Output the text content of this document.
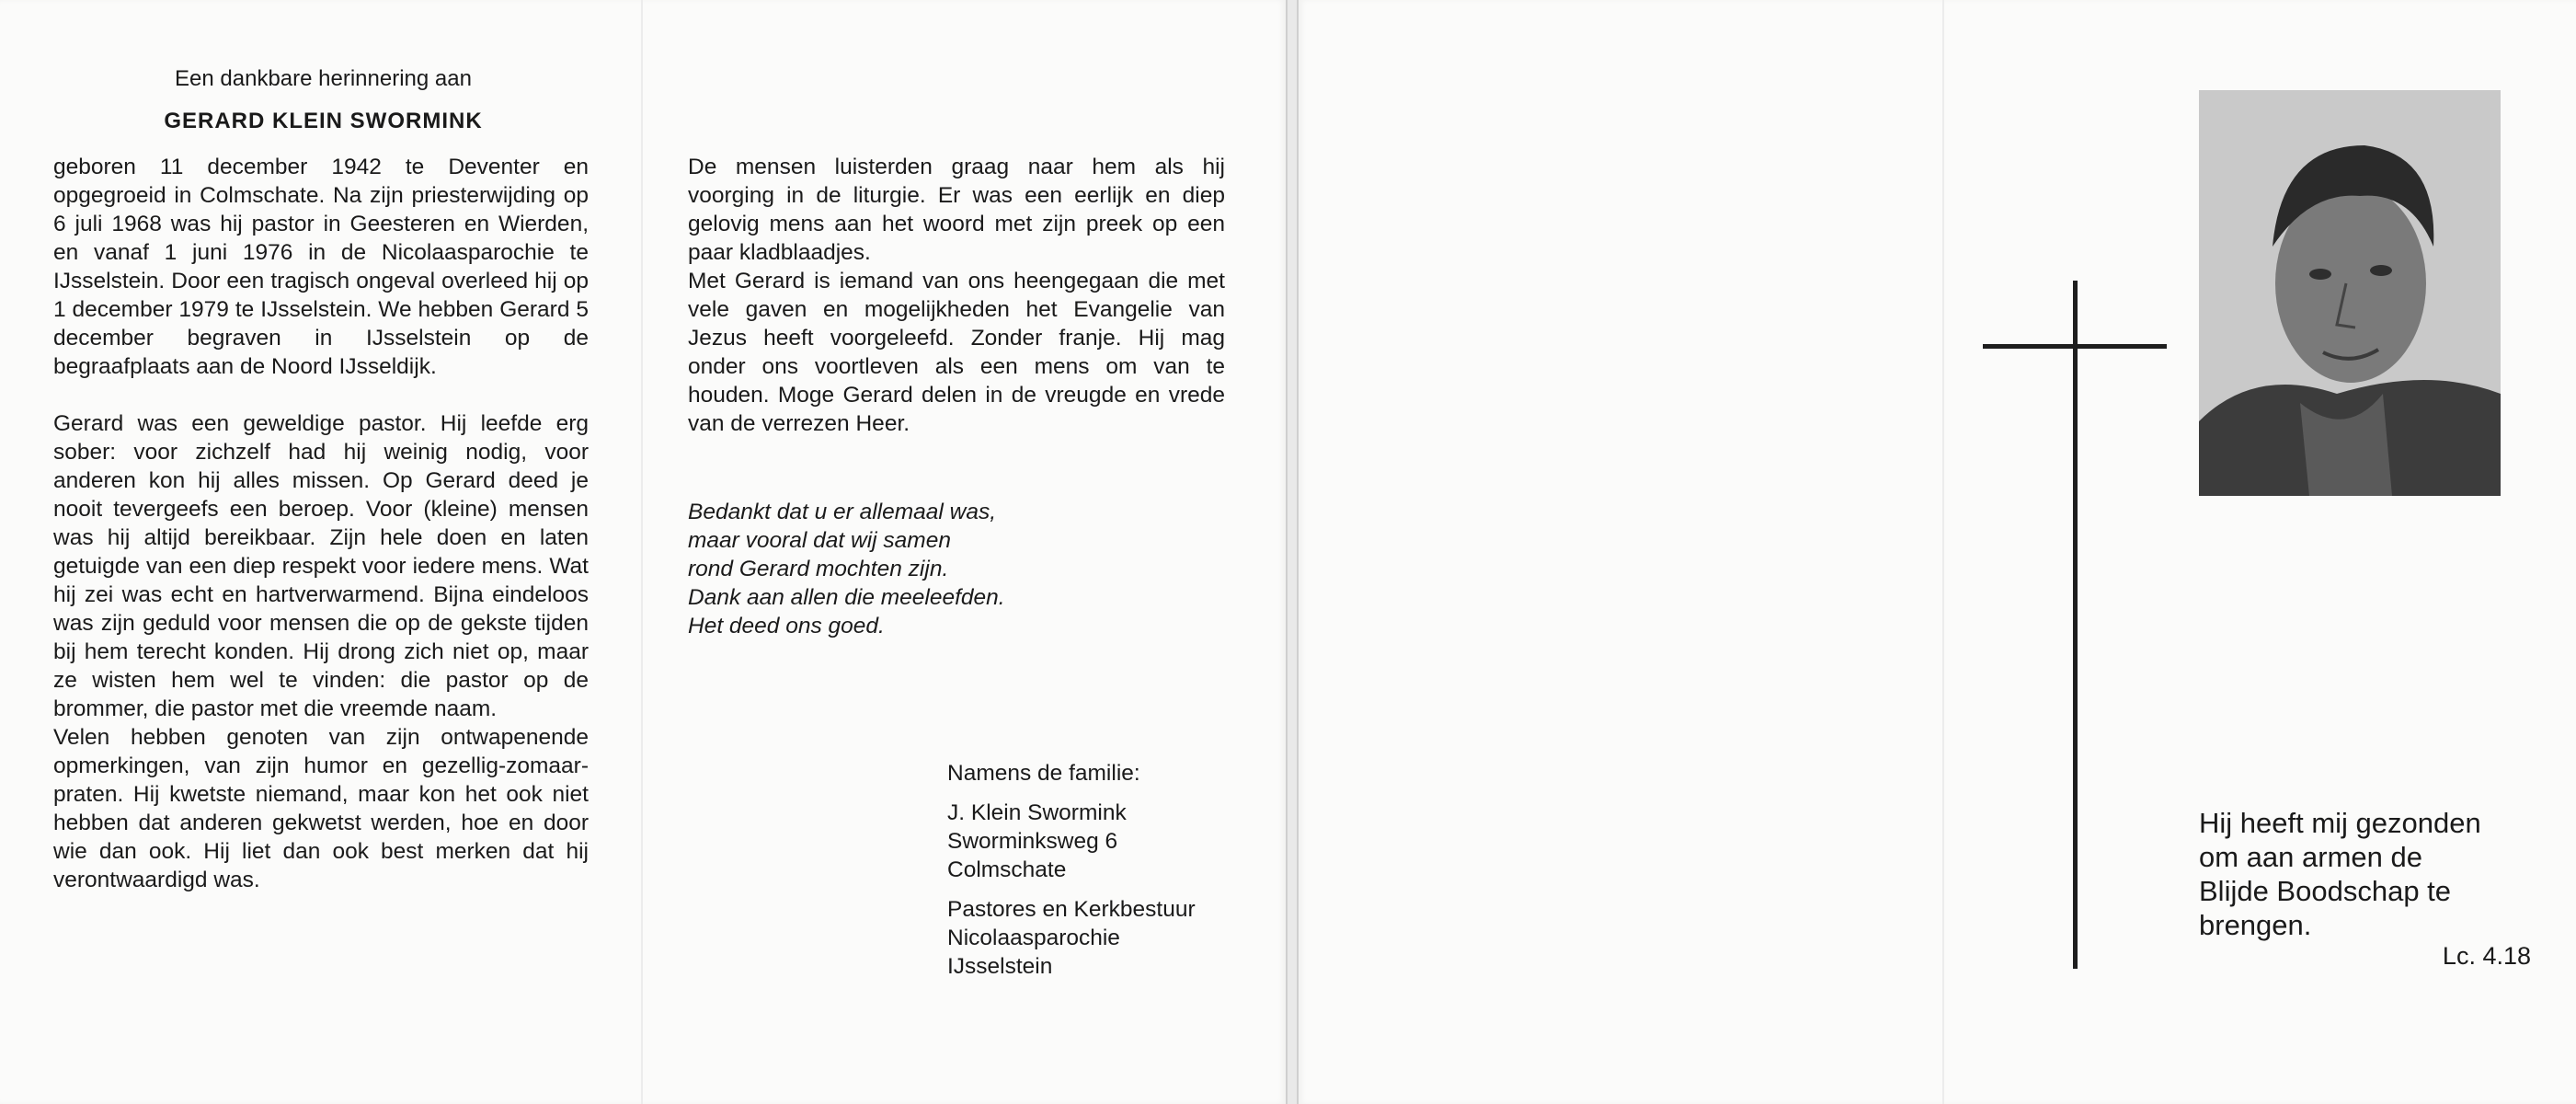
Een dankbare herinnering aan
GERARD KLEIN SWORMINK

geboren 11 december 1942 te Deventer en opgegroeid in Colmschate. Na zijn priesterwijding op 6 juli 1968 was hij pastor in Geesteren en Wierden, en vanaf 1 juni 1976 in de Nicolaasparochie te IJsselstein. Door een tragisch ongeval overleed hij op 1 december 1979 te IJsselstein. We hebben Gerard 5 december begraven in IJsselstein op de begraafplaats aan de Noord IJsseldijk.

Gerard was een geweldige pastor. Hij leefde erg sober: voor zichzelf had hij weinig nodig, voor anderen kon hij alles missen. Op Gerard deed je nooit tevergeefs een beroep. Voor (kleine) mensen was hij altijd bereikbaar. Zijn hele doen en laten getuigde van een diep respekt voor iedere mens. Wat hij zei was echt en hartverwarmend. Bijna eindeloos was zijn geduld voor mensen die op de gekste tijden bij hem terecht konden. Hij drong zich niet op, maar ze wisten hem wel te vinden: die pastor op de brommer, die pastor met die vreemde naam.

Velen hebben genoten van zijn ontwapenende opmerkingen, van zijn humor en gezellig-zomaar-praten. Hij kwetste niemand, maar kon het ook niet hebben dat anderen gekwetst werden, hoe en door wie dan ook. Hij liet dan ook best merken dat hij verontwaardigd was.

De mensen luisterden graag naar hem als hij voorging in de liturgie. Er was een eerlijk en diep gelovig mens aan het woord met zijn preek op een paar kladblaadjes.

Met Gerard is iemand van ons heengegaan die met vele gaven en mogelijkheden het Evangelie van Jezus heeft voorgeleefd. Zonder franje. Hij mag onder ons voortleven als een mens om van te houden. Moge Gerard delen in de vreugde en vrede van de verrezen Heer.

Bedankt dat u er allemaal was,
maar vooral dat wij samen
rond Gerard mochten zijn.
Dank aan allen die meeleefden.
Het deed ons goed.
Namens de familie:
J. Klein Swormink
Sworminksweg 6
Colmschate
Pastores en Kerkbestuur
Nicolaasparochie
IJsselstein
Hij heeft mij gezonden
om aan armen de
Blijde Boodschap te
brengen.
Lc. 4.18
